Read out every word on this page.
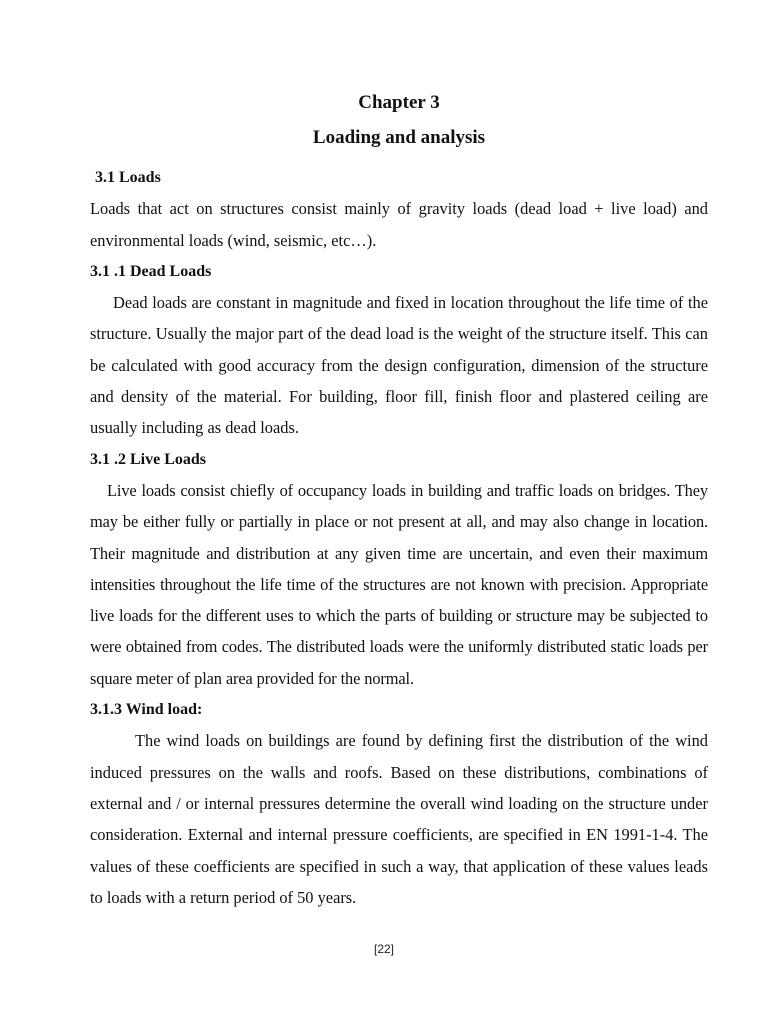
Chapter 3
Loading and analysis
3.1 Loads

Loads that act on structures consist mainly of gravity loads (dead load + live load) and environmental loads (wind, seismic, etc…).

3.1 .1 Dead Loads

Dead loads are constant in magnitude and fixed in location throughout the life time of the structure. Usually the major part of the dead load is the weight of the structure itself. This can be calculated with good accuracy from the design configuration, dimension of the structure and density of the material. For building, floor fill, finish floor and plastered ceiling are usually including as dead loads.

3.1 .2 Live Loads

Live loads consist chiefly of occupancy loads in building and traffic loads on bridges. They may be either fully or partially in place or not present at all, and may also change in location. Their magnitude and distribution at any given time are uncertain, and even their maximum intensities throughout the life time of the structures are not known with precision. Appropriate live loads for the different uses to which the parts of building or structure may be subjected to were obtained from codes. The distributed loads were the uniformly distributed static loads per square meter of plan area provided for the normal.

3.1.3 Wind load:

The wind loads on buildings are found by defining first the distribution of the wind induced pressures on the walls and roofs. Based on these distributions, combinations of external and / or internal pressures determine the overall wind loading on the structure under consideration. External and internal pressure coefficients, are specified in EN 1991-1-4. The values of these coefficients are specified in such a way, that application of these values leads to loads with a return period of 50 years.

[22]
